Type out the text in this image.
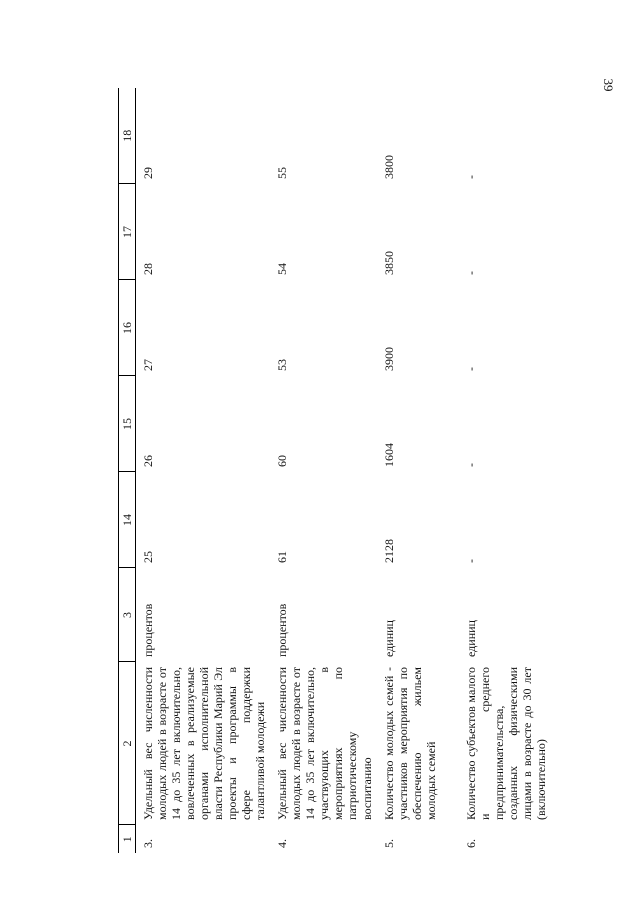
39
1	2	3	14	15	16	17	18
3.	Удельный вес численности молодых людей в возрасте от 14 до 35 лет включительно, вовлеченных в реализуемые органами исполнительной власти Республики Марий Эл проекты и программы в сфере поддержки талантливой молодежи	процентов	25	26	27	28	29
4.	Удельный вес численности молодых людей в возрасте от 14 до 35 лет включительно, участвующих в мероприятиях по патриотическому воспитанию	процентов	61	60	53	54	55
5.	Количество молодых семей - участников мероприятия по обеспечению жильем молодых семей	единиц	2128	1604	3900	3850	3800
6.	Количество субъектов малого и среднего предпринимательства, созданных физическими лицами в возрасте до 30 лет (включительно)	единиц	-	-	-	-	-
